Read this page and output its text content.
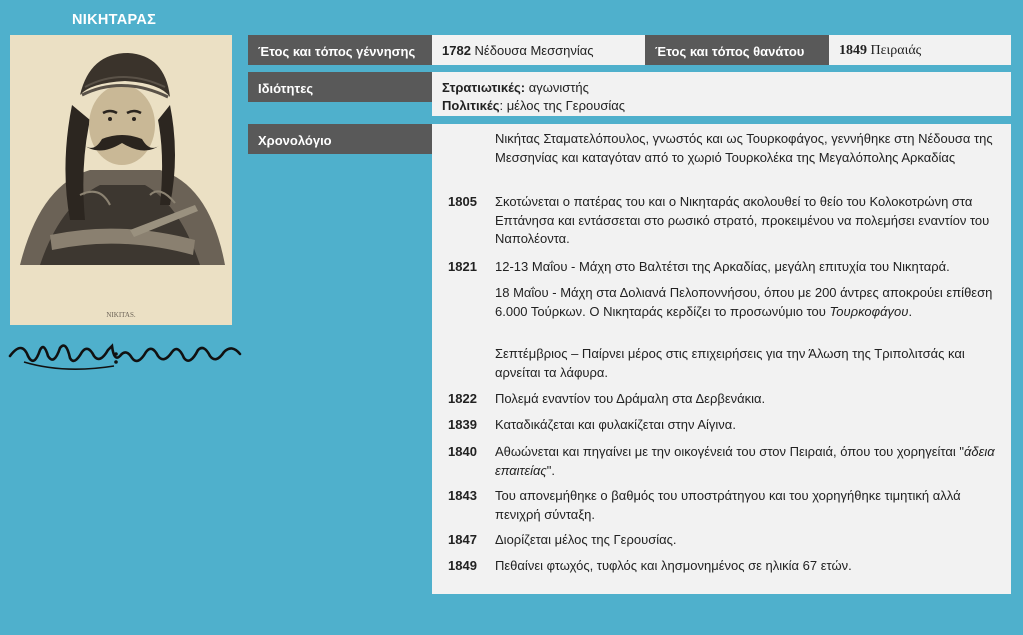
ΝΙΚΗΤΑΡΑΣ
NIKITAS.
Έτος και τόπος γέννησης	1782 Νέδουσα Μεσσηνίας	Έτος και τόπος θανάτου	1849 Πειραιάς
Ιδιότητες	Στρατιωτικές: αγωνιστής
Πολιτικές: μέλος της Γερουσίας
Χρονολόγιο	Νικήτας Σταματελόπουλος, γνωστός και ως Τουρκοφάγος, γεννήθηκε στη Νέδουσα της Μεσσηνίας και καταγόταν από το χωριό Τουρκολέκα της Μεγαλόπολης Αρκαδίας
1805	Σκοτώνεται ο πατέρας του και ο Νικηταράς ακολουθεί το θείο του Κολοκοτρώνη στα Επτάνησα και εντάσσεται στο ρωσικό στρατό, προκειμένου να πολεμήσει εναντίον του Ναπολέοντα.
1821	12-13 Μαΐου - Μάχη στο Βαλτέτσι της Αρκαδίας, μεγάλη επιτυχία του Νικηταρά.
18 Μαΐου - Μάχη στα Δολιανά Πελοποννήσου, όπου με 200 άντρες αποκρούει επίθεση 6.000 Τούρκων. Ο Νικηταράς κερδίζει το προσωνύμιο του Τουρκοφάγου.
Σεπτέμβριος – Παίρνει μέρος στις επιχειρήσεις για την Άλωση της Τριπολιτσάς και αρνείται τα λάφυρα.
1822	Πολεμά εναντίον του Δράμαλη στα Δερβενάκια.
1839	Καταδικάζεται και φυλακίζεται στην Αίγινα.
1840	Αθωώνεται και πηγαίνει με την οικογένειά του στον Πειραιά, όπου του χορηγείται "άδεια επαιτείας".
1843	Του απονεμήθηκε ο βαθμός του υποστράτηγου και του χορηγήθηκε τιμητική αλλά πενιχρή σύνταξη.
1847	Διορίζεται μέλος της Γερουσίας.
1849	Πεθαίνει φτωχός, τυφλός και λησμονημένος σε ηλικία 67 ετών.
